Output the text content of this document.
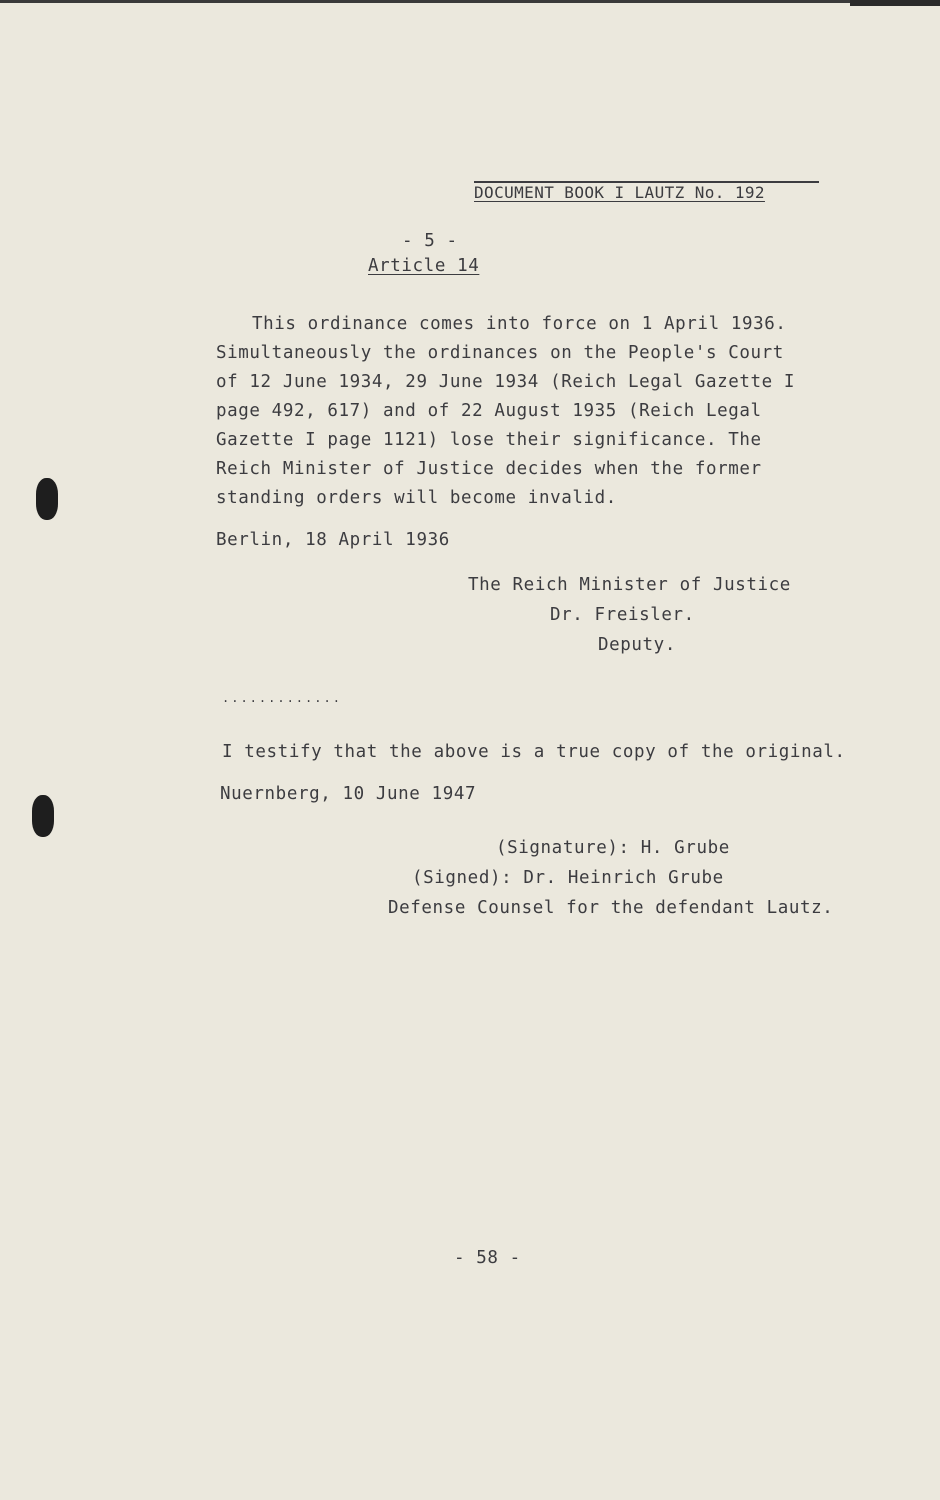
DOCUMENT BOOK I LAUTZ No. 192
- 5 -
Article 14
This ordinance comes into force on 1 April 1936.
Simultaneously the ordinances on the People's Court
of 12 June 1934, 29 June 1934 (Reich Legal Gazette I
page 492, 617) and of 22 August 1935 (Reich Legal
Gazette I page 1121) lose their significance. The
Reich Minister of Justice decides when the former
standing orders will become invalid.
Berlin, 18 April 1936
The Reich Minister of Justice
Dr. Freisler.
Deputy.
.............
I testify that the above is a true copy of the original.
Nuernberg, 10 June 1947
(Signature): H. Grube
(Signed): Dr. Heinrich Grube
Defense Counsel for the defendant Lautz.
- 58 -
